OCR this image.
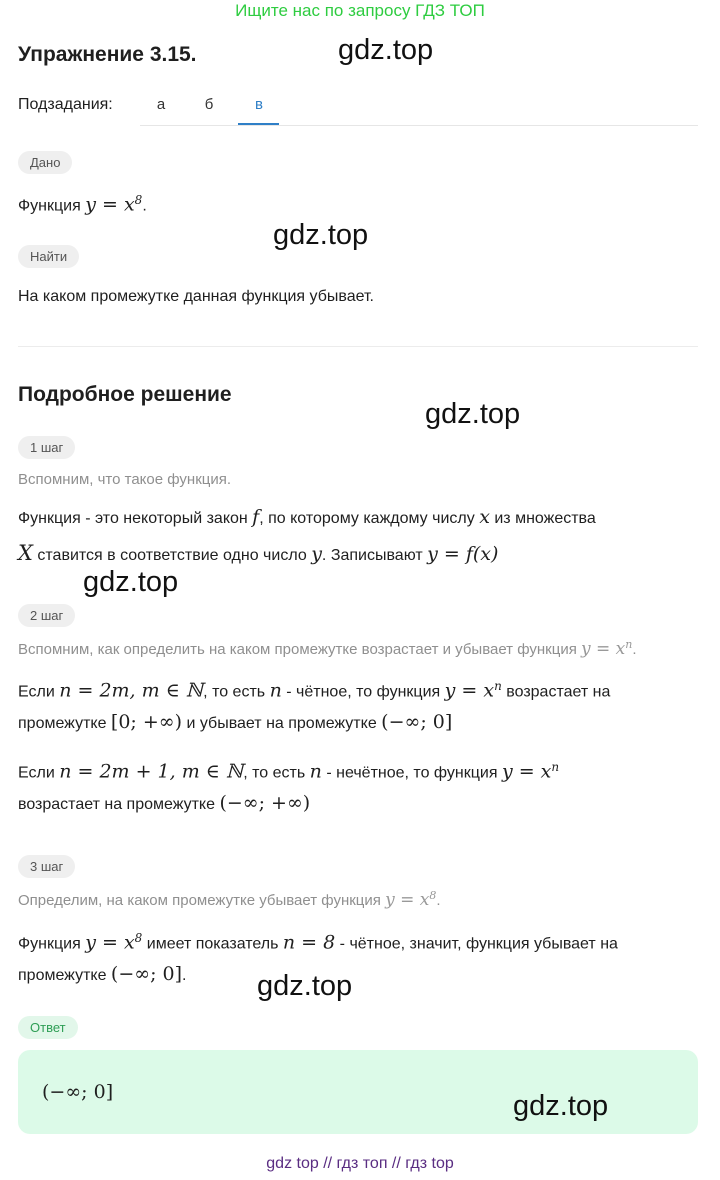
Ищите нас по запросу ГДЗ ТОП
Упражнение 3.15.	gdz.top
Подзадания:	а	б	в
Дано
Функция $y = x^8$.
gdz.top
Найти
На каком промежутке данная функция убывает.
Подробное решение
gdz.top
1 шаг
Вспомним, что такое функция.
Функция - это некоторый закон f, по которому каждому числу x из множества
X ставится в соответствие одно число y. Записывают y = f(x)
gdz.top
2 шаг
Вспомним, как определить на каком промежутке возрастает и убывает функция $y = x^n$.
Если n = 2m, m ∈ ℕ, то есть n - чётное, то функция $y = x^n$ возрастает на
промежутке [0; +∞) и убывает на промежутке (−∞; 0]
Если n = 2m + 1, m ∈ ℕ, то есть n - нечётное, то функция $y = x^n$
возрастает на промежутке (−∞; +∞)
3 шаг
Определим, на каком промежутке убывает функция $y = x^8$.
Функция $y = x^8$ имеет показатель n = 8 - чётное, значит, функция убывает на
промежутке (−∞; 0]. gdz.top
Ответ
(−∞; 0]	gdz.top
gdz top // гдз топ // гдз top
